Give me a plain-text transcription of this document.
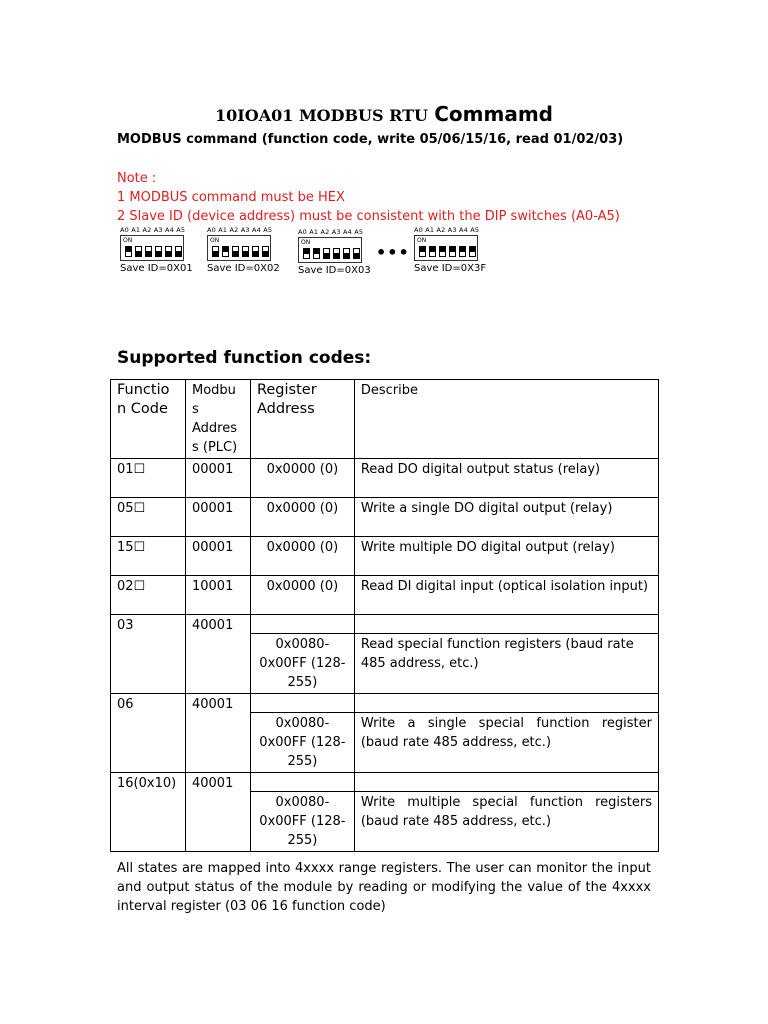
10IOA01 MODBUS RTU Commamd
MODBUS command (function code, write 05/06/15/16, read 01/02/03)
Note :
1 MODBUS command must be HEX
2 Slave ID (device address) must be consistent with the DIP switches (A0-A5)
A0 A1 A2 A3 A4 A5
ON
Save ID=0X01
A0 A1 A2 A3 A4 A5
ON
Save ID=0X02
A0 A1 A2 A3 A4 A5
ON
Save ID=0X03
A0 A1 A2 A3 A4 A5
ON
Save ID=0X3F
•••
Supported function codes:
Functio n Code	Modbu s Addres s (PLC)	Register Address	Describe
01☐	00001	0x0000 (0)	Read DO digital output status (relay)
05☐	00001	0x0000 (0)	Write a single DO digital output (relay)
15☐	00001	0x0000 (0)	Write multiple DO digital output (relay)
02☐	10001	0x0000 (0)	Read DI digital input (optical isolation input)
03	40001		
		0x0080-0x00FF (128-255)	Read special function registers (baud rate 485 address, etc.)
06	40001		
		0x0080-0x00FF (128-255)	Write a single special function register (baud rate 485 address, etc.)
16(0x10)	40001		
		0x0080-0x00FF (128-255)	Write multiple special function registers (baud rate 485 address, etc.)
All states are mapped into 4xxxx range registers. The user can monitor the input and output status of the module by reading or modifying the value of the 4xxxx interval register (03 06 16 function code)
